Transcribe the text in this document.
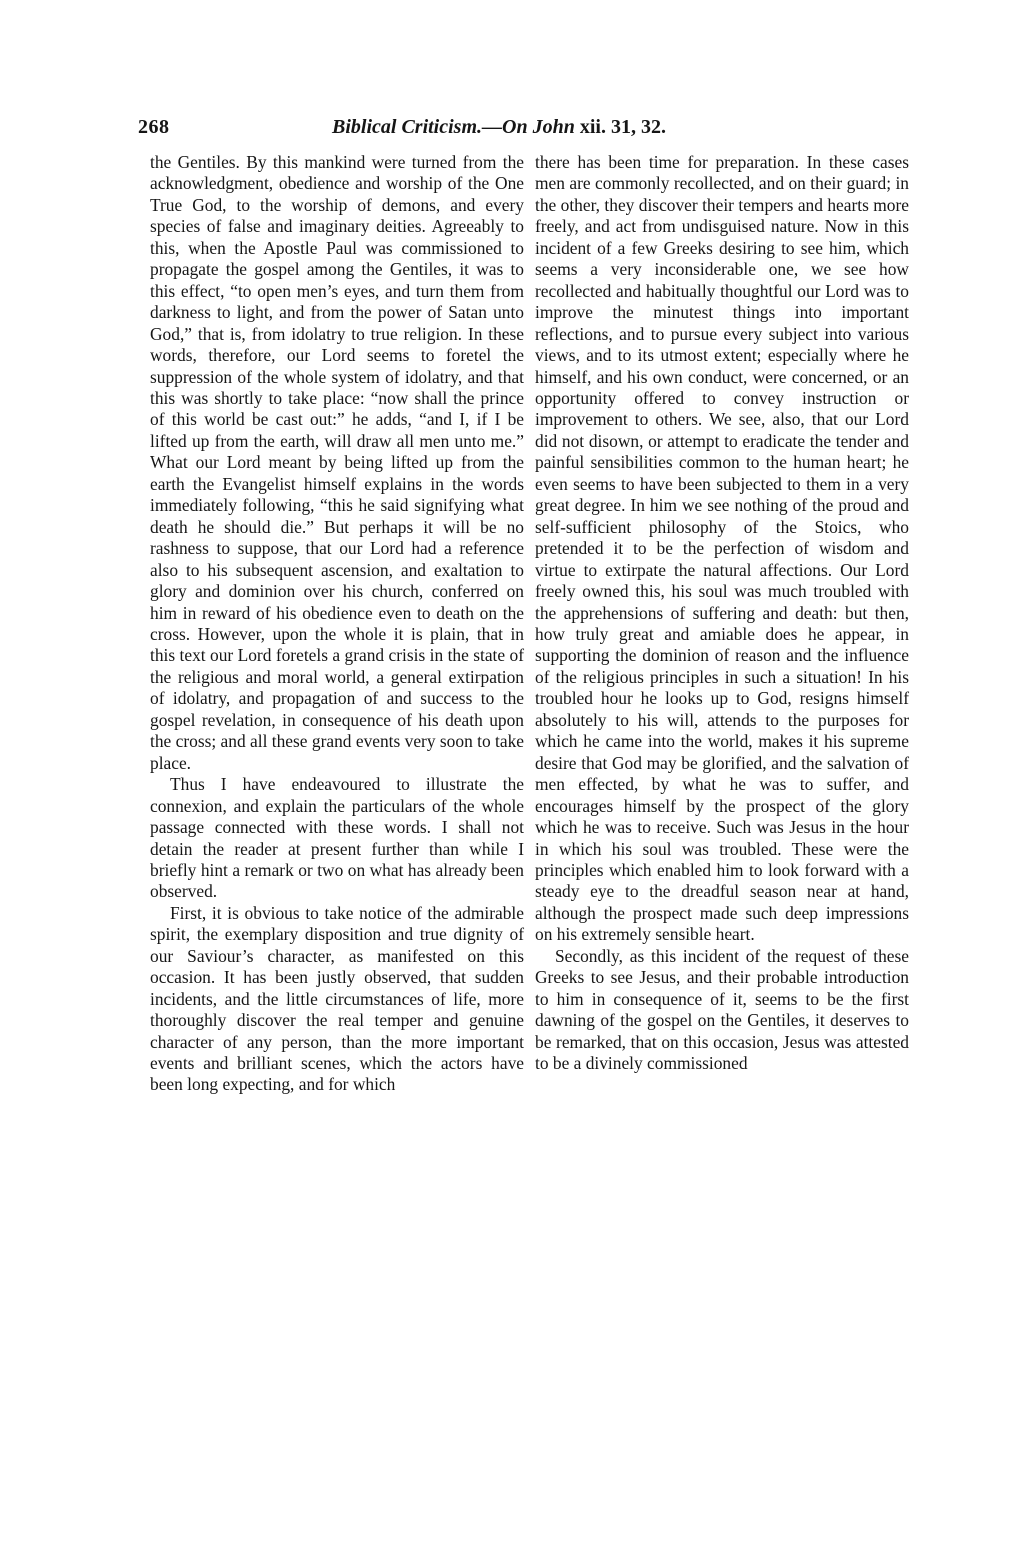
268	Biblical Criticism.—On John xii. 31, 32.

the Gentiles. By this mankind were turned from the acknowledgment, obedience and worship of the One True God, to the worship of demons, and every species of false and imaginary deities. Agreeably to this, when the Apostle Paul was commissioned to propagate the gospel among the Gentiles, it was to this effect, “to open men’s eyes, and turn them from darkness to light, and from the power of Satan unto God,” that is, from idolatry to true religion. In these words, therefore, our Lord seems to foretel the suppression of the whole system of idolatry, and that this was shortly to take place: “now shall the prince of this world be cast out:” he adds, “and I, if I be lifted up from the earth, will draw all men unto me.” What our Lord meant by being lifted up from the earth the Evangelist himself explains in the words immediately following, “this he said signifying what death he should die.” But perhaps it will be no rashness to suppose, that our Lord had a reference also to his subsequent ascension, and exaltation to glory and dominion over his church, conferred on him in reward of his obedience even to death on the cross. However, upon the whole it is plain, that in this text our Lord foretels a grand crisis in the state of the religious and moral world, a general extirpation of idolatry, and propagation of and success to the gospel revelation, in consequence of his death upon the cross; and all these grand events very soon to take place.

Thus I have endeavoured to illustrate the connexion, and explain the particulars of the whole passage connected with these words. I shall not detain the reader at present further than while I briefly hint a remark or two on what has already been observed.

First, it is obvious to take notice of the admirable spirit, the exemplary disposition and true dignity of our Saviour’s character, as manifested on this occasion. It has been justly observed, that sudden incidents, and the little circumstances of life, more thoroughly discover the real temper and genuine character of any person, than the more important events and brilliant scenes, which the actors have been long expecting, and for which

there has been time for preparation. In these cases men are commonly recollected, and on their guard; in the other, they discover their tempers and hearts more freely, and act from undisguised nature. Now in this incident of a few Greeks desiring to see him, which seems a very inconsiderable one, we see how recollected and habitually thoughtful our Lord was to improve the minutest things into important reflections, and to pursue every subject into various views, and to its utmost extent; especially where he himself, and his own conduct, were concerned, or an opportunity offered to convey instruction or improvement to others. We see, also, that our Lord did not disown, or attempt to eradicate the tender and painful sensibilities common to the human heart; he even seems to have been subjected to them in a very great degree. In him we see nothing of the proud and self-sufficient philosophy of the Stoics, who pretended it to be the perfection of wisdom and virtue to extirpate the natural affections. Our Lord freely owned this, his soul was much troubled with the apprehensions of suffering and death: but then, how truly great and amiable does he appear, in supporting the dominion of reason and the influence of the religious principles in such a situation! In his troubled hour he looks up to God, resigns himself absolutely to his will, attends to the purposes for which he came into the world, makes it his supreme desire that God may be glorified, and the salvation of men effected, by what he was to suffer, and encourages himself by the prospect of the glory which he was to receive. Such was Jesus in the hour in which his soul was troubled. These were the principles which enabled him to look forward with a steady eye to the dreadful season near at hand, although the prospect made such deep impressions on his extremely sensible heart.

Secondly, as this incident of the request of these Greeks to see Jesus, and their probable introduction to him in consequence of it, seems to be the first dawning of the gospel on the Gentiles, it deserves to be remarked, that on this occasion, Jesus was attested to be a divinely commissioned
